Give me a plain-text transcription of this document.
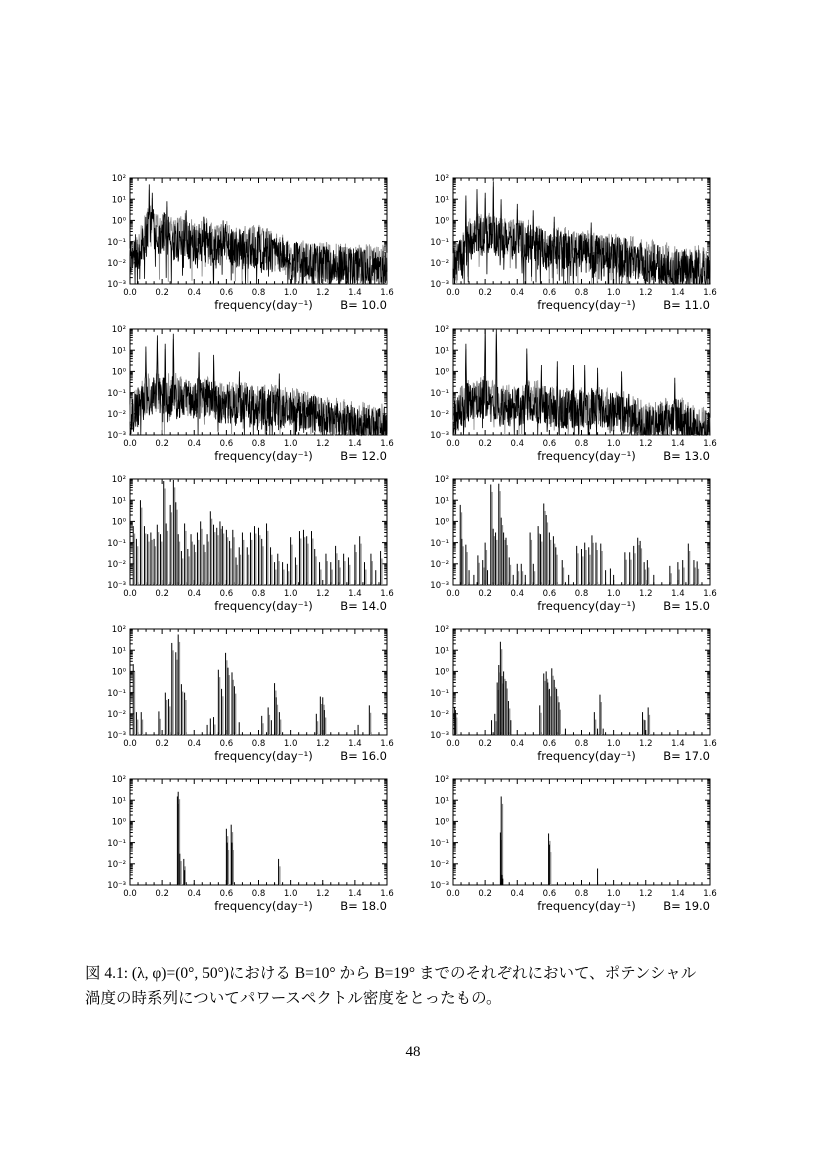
0.0 0.2 0.4 0.6 0.8 1.0 1.2 1.4 1.6
10²
10¹
10⁰
10⁻¹
10⁻²
10⁻³
frequency(day⁻¹) B= 10.0
0.0 0.2 0.4 0.6 0.8 1.0 1.2 1.4 1.6
10²
10¹
10⁰
10⁻¹
10⁻²
10⁻³
frequency(day⁻¹) B= 11.0
0.0 0.2 0.4 0.6 0.8 1.0 1.2 1.4 1.6
10²
10¹
10⁰
10⁻¹
10⁻²
10⁻³
frequency(day⁻¹) B= 12.0
0.0 0.2 0.4 0.6 0.8 1.0 1.2 1.4 1.6
10²
10¹
10⁰
10⁻¹
10⁻²
10⁻³
frequency(day⁻¹) B= 13.0
0.0 0.2 0.4 0.6 0.8 1.0 1.2 1.4 1.6
10²
10¹
10⁰
10⁻¹
10⁻²
10⁻³
frequency(day⁻¹) B= 14.0
0.0 0.2 0.4 0.6 0.8 1.0 1.2 1.4 1.6
10²
10¹
10⁰
10⁻¹
10⁻²
10⁻³
frequency(day⁻¹) B= 15.0
0.0 0.2 0.4 0.6 0.8 1.0 1.2 1.4 1.6
10²
10¹
10⁰
10⁻¹
10⁻²
10⁻³
frequency(day⁻¹) B= 16.0
0.0 0.2 0.4 0.6 0.8 1.0 1.2 1.4 1.6
10²
10¹
10⁰
10⁻¹
10⁻²
10⁻³
frequency(day⁻¹) B= 17.0
0.0 0.2 0.4 0.6 0.8 1.0 1.2 1.4 1.6
10²
10¹
10⁰
10⁻¹
10⁻²
10⁻³
frequency(day⁻¹) B= 18.0
0.0 0.2 0.4 0.6 0.8 1.0 1.2 1.4 1.6
10²
10¹
10⁰
10⁻¹
10⁻²
10⁻³
frequency(day⁻¹) B= 19.0
図 4.1: (λ, φ)=(0°, 50°)における B=10° から B=19° までのそれぞれにおいて、ポテンシャル
渦度の時系列についてパワースペクトル密度をとったもの。
48
